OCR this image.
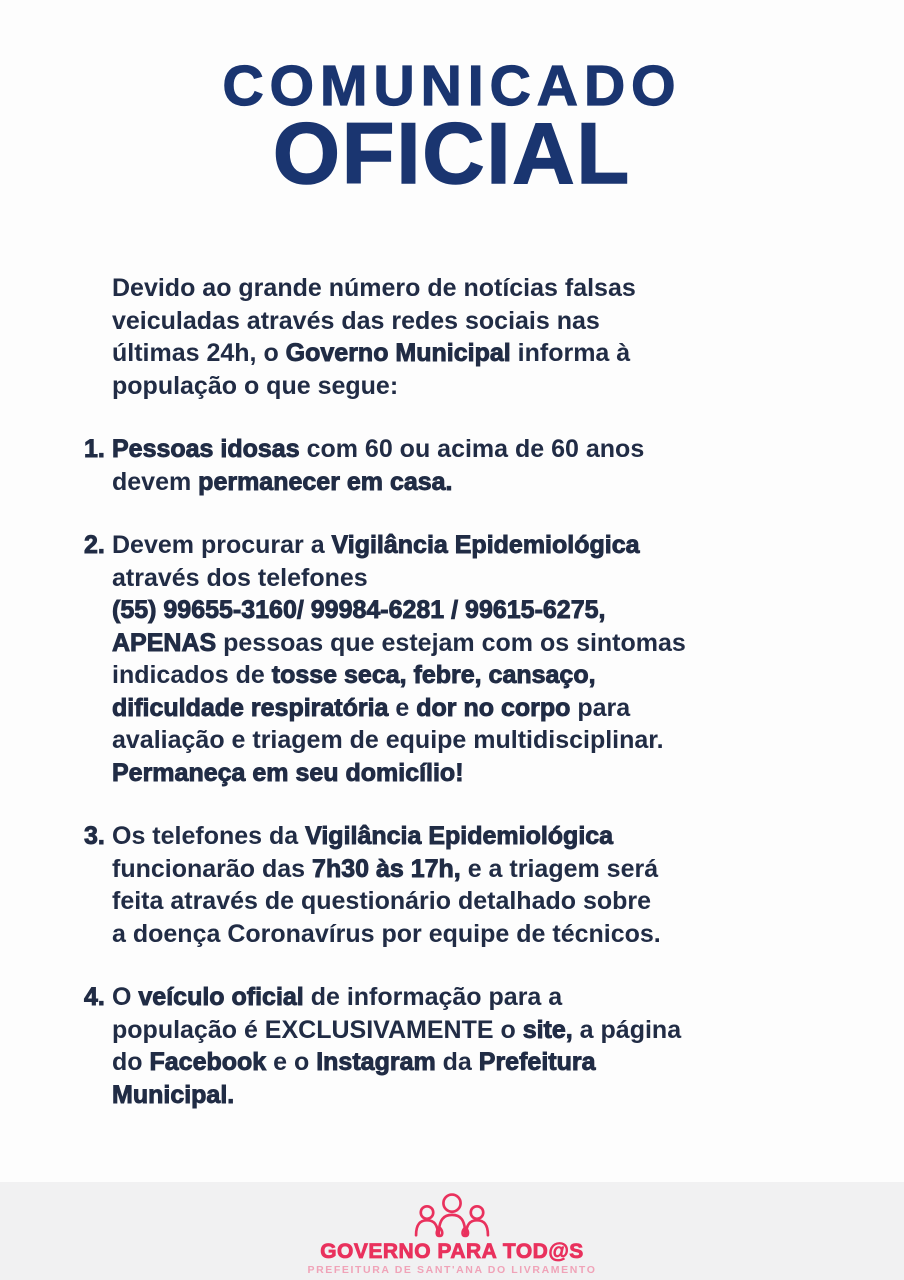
COMUNICADO
OFICIAL
Devido ao grande número de notícias falsas
veiculadas através das redes sociais nas
últimas 24h, o Governo Municipal informa à
população o que segue:
1. Pessoas idosas com 60 ou acima de 60 anos
devem permanecer em casa.
2. Devem procurar a Vigilância Epidemiológica
através dos telefones
(55) 99655-3160/ 99984-6281 / 99615-6275,
APENAS pessoas que estejam com os sintomas
indicados de tosse seca, febre, cansaço,
dificuldade respiratória e dor no corpo para
avaliação e triagem de equipe multidisciplinar.
Permaneça em seu domicílio!
3. Os telefones da Vigilância Epidemiológica
funcionarão das 7h30 às 17h, e a triagem será
feita através de questionário detalhado sobre
a doença Coronavírus por equipe de técnicos.
4. O veículo oficial de informação para a
população é EXCLUSIVAMENTE o site, a página
do Facebook e o Instagram da Prefeitura
Municipal.
GOVERNO PARA TOD@S
PREFEITURA DE SANT'ANA DO LIVRAMENTO
